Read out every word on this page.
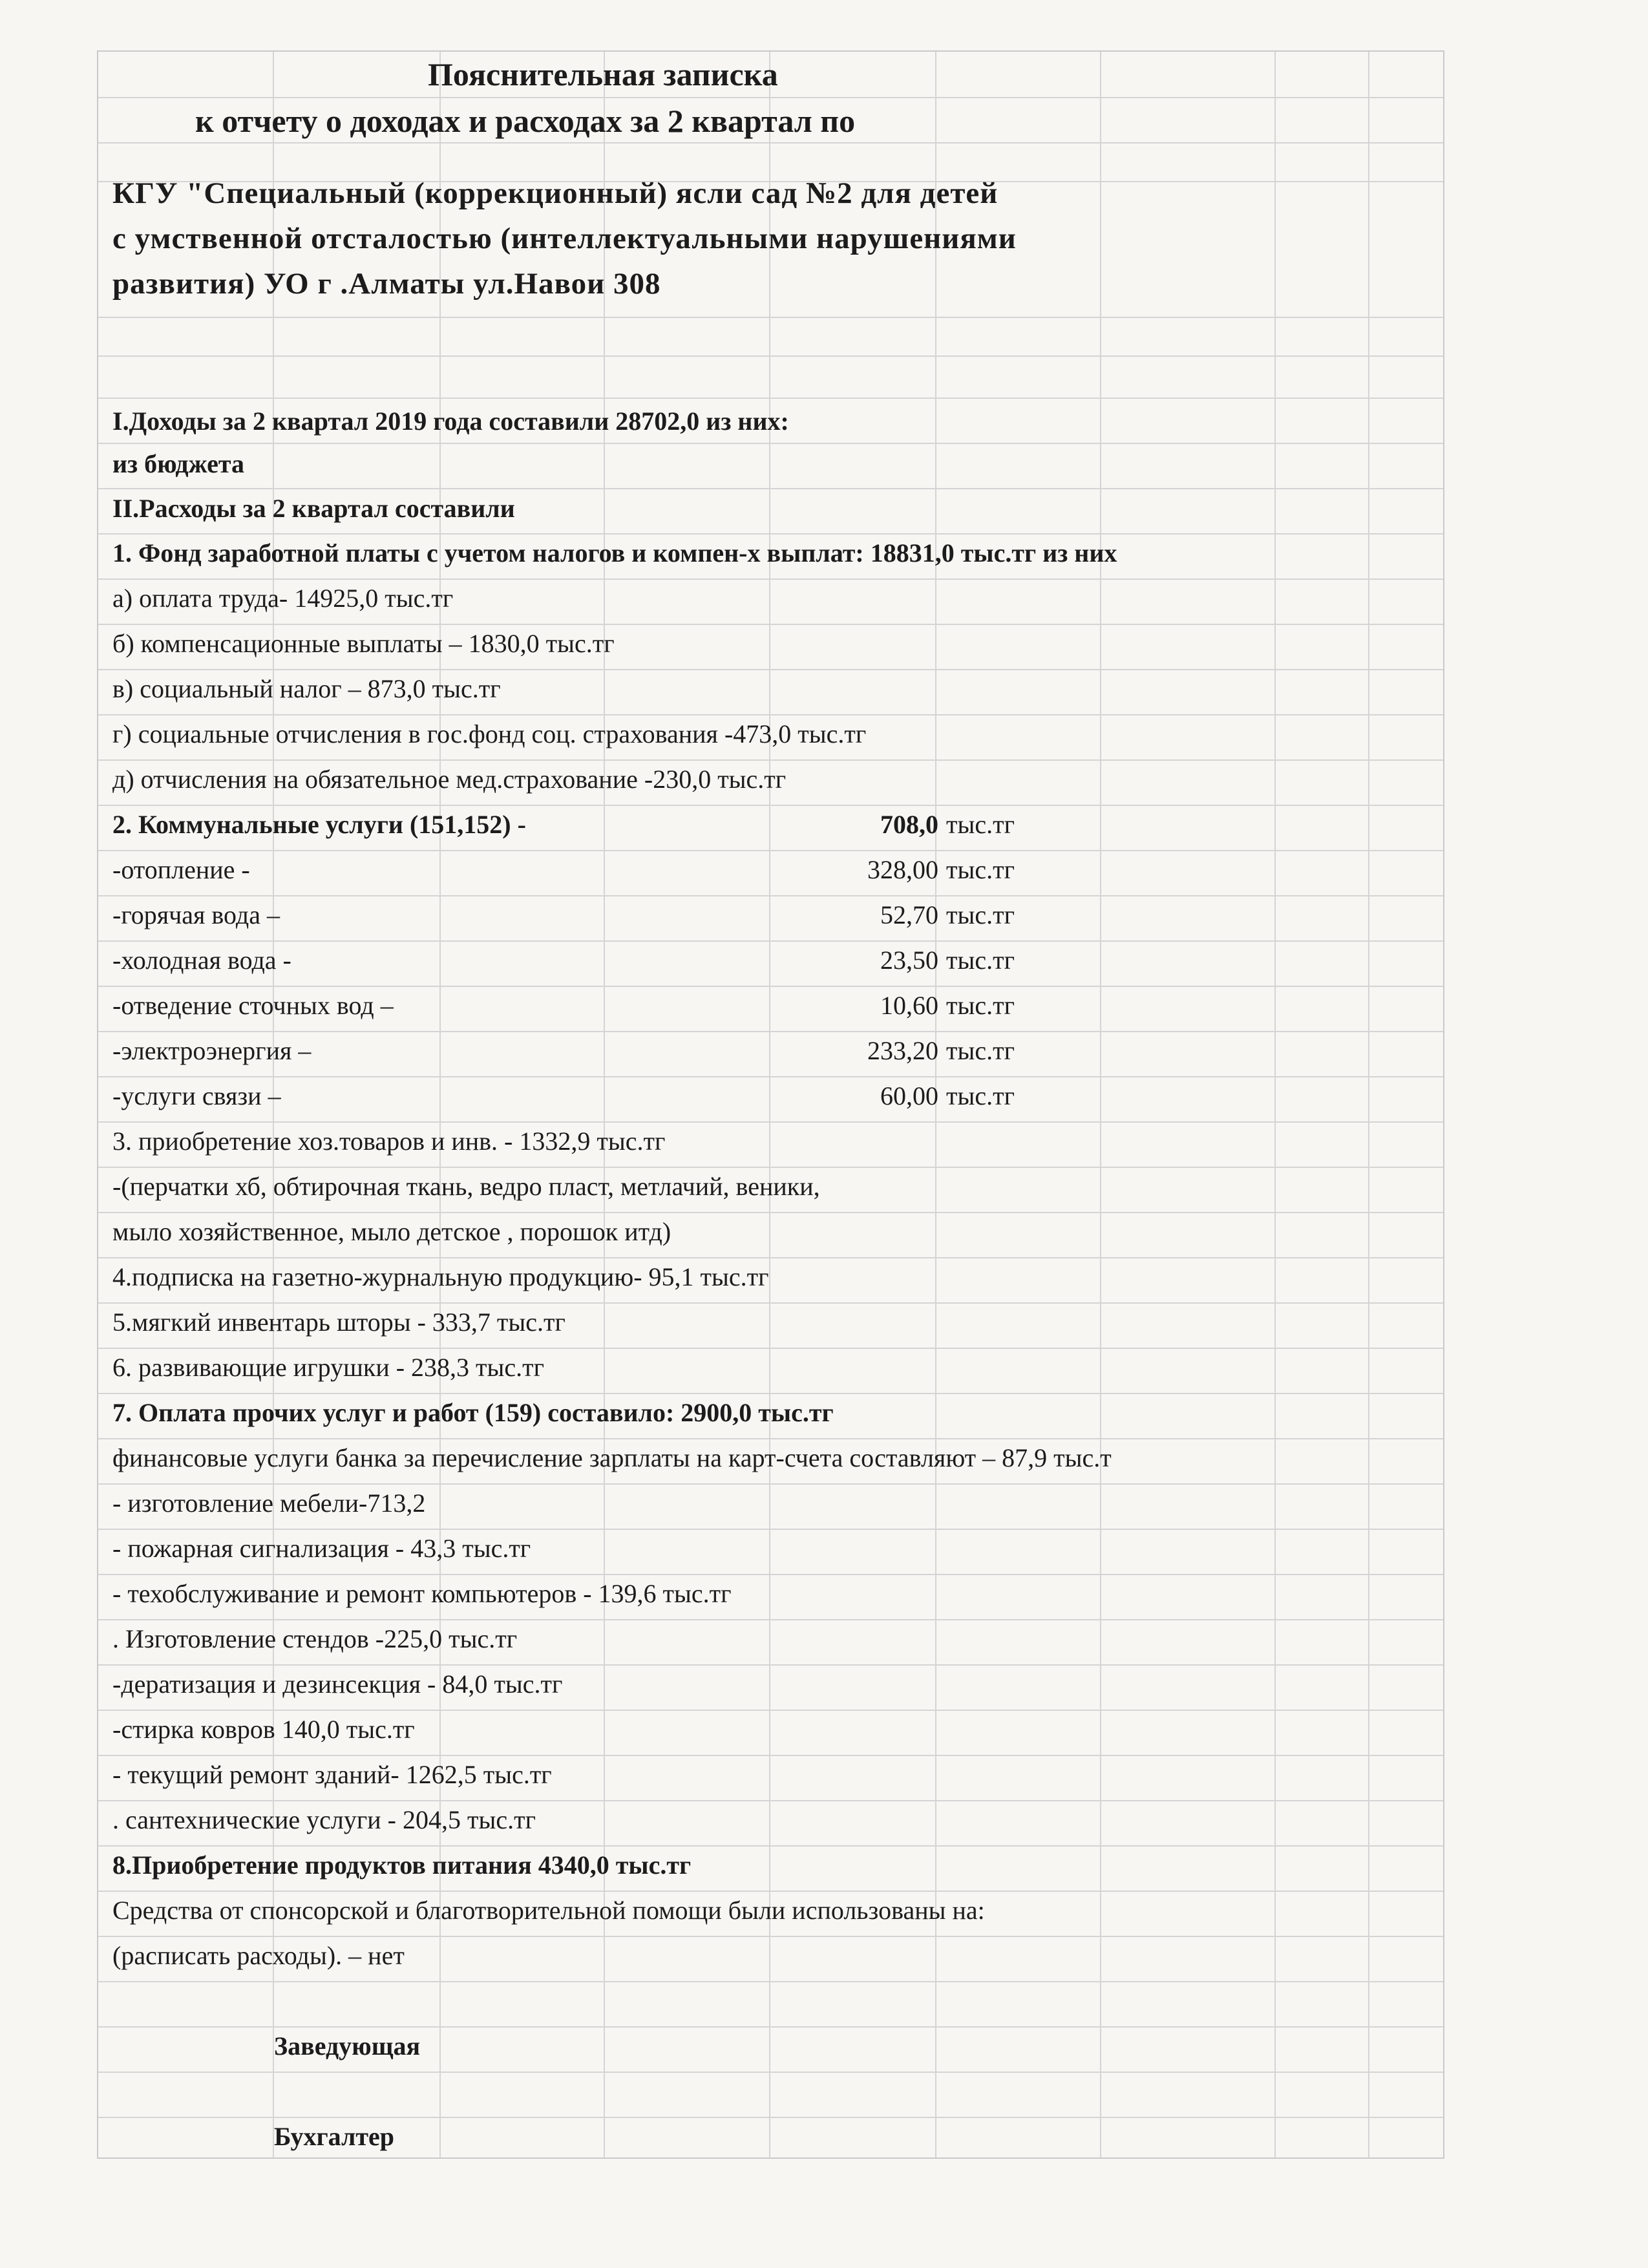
Пояснительная записка
к отчету о доходах и расходах за 2 квартал по
КГУ "Специальный (коррекционный) ясли сад №2 для детей
с умственной отсталостью (интеллектуальными нарушениями
развития) УО г .Алматы ул.Навои 308
I.Доходы за 2 квартал 2019 года составили 28702,0 из них:
из бюджета
II.Расходы за 2 квартал составили
1. Фонд заработной платы с учетом налогов и компен-х выплат: 18831,0 тыс.тг из них
а) оплата труда- 14925,0 тыс.тг
б) компенсационные выплаты – 1830,0 тыс.тг
в) социальный налог – 873,0 тыс.тг
г) социальные отчисления в гос.фонд соц. страхования -473,0 тыс.тг
д) отчисления на обязательное мед.страхование -230,0 тыс.тг
2. Коммунальные услуги (151,152) -	708,0 тыс.тг
-отопление -	328,00 тыс.тг
-горячая вода –	52,70 тыс.тг
-холодная вода -	23,50 тыс.тг
-отведение сточных вод –	10,60 тыс.тг
-электроэнергия –	233,20 тыс.тг
-услуги связи –	60,00 тыс.тг
3. приобретение хоз.товаров и инв. - 1332,9 тыс.тг
-(перчатки хб, обтирочная ткань, ведро пласт, метлачий, веники,
мыло хозяйственное, мыло детское , порошок итд)
4.подписка на газетно-журнальную продукцию- 95,1 тыс.тг
5.мягкий инвентарь шторы - 333,7 тыс.тг
6. развивающие игрушки - 238,3 тыс.тг
7. Оплата прочих услуг и работ (159) составило: 2900,0 тыс.тг
финансовые услуги банка за перечисление зарплаты на карт-счета составляют – 87,9 тыс.т
- изготовление мебели-713,2
- пожарная сигнализация - 43,3 тыс.тг
- техобслуживание и ремонт компьютеров - 139,6 тыс.тг
. Изготовление стендов -225,0 тыс.тг
-дератизация и дезинсекция - 84,0 тыс.тг
-стирка ковров 140,0 тыс.тг
- текущий ремонт зданий- 1262,5 тыс.тг
. сантехнические услуги - 204,5 тыс.тг
8.Приобретение продуктов питания 4340,0 тыс.тг
Средства от спонсорской и благотворительной помощи были использованы на:
(расписать расходы). – нет
Заведующая
Бухгалтер
